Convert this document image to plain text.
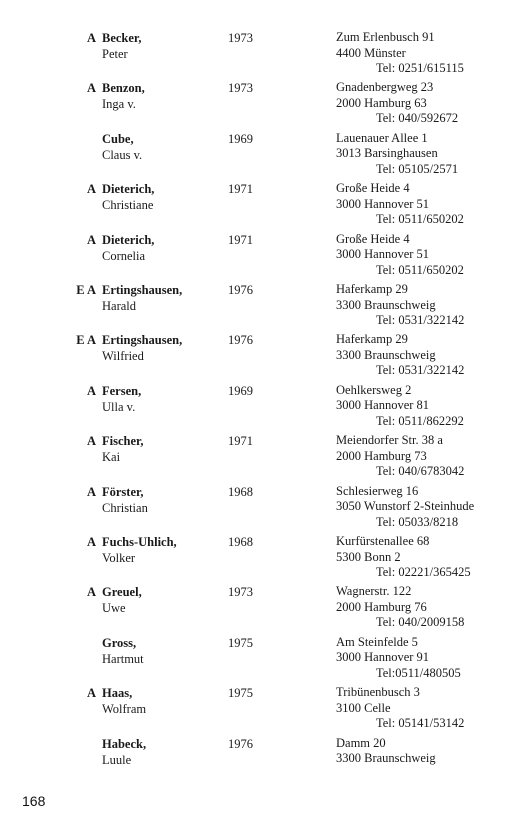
A Becker,
Peter
1973	Zum Erlenbusch 91
4400 Münster
Tel: 0251/615115
A Benzon,
Inga v.
1973	Gnadenbergweg 23
2000 Hamburg 63
Tel: 040/592672
Cube,
Claus v.
1969	Lauenauer Allee 1
3013 Barsinghausen
Tel: 05105/2571
A Dieterich,
Christiane
1971	Große Heide 4
3000 Hannover 51
Tel: 0511/650202
A Dieterich,
Cornelia
1971	Große Heide 4
3000 Hannover 51
Tel: 0511/650202
E A Ertingshausen,
Harald
1976	Haferkamp 29
3300 Braunschweig
Tel: 0531/322142
E A Ertingshausen,
Wilfried
1976	Haferkamp 29
3300 Braunschweig
Tel: 0531/322142
A Fersen,
Ulla v.
1969	Oehlkersweg 2
3000 Hannover 81
Tel: 0511/862292
A Fischer,
Kai
1971	Meiendorfer Str. 38 a
2000 Hamburg 73
Tel: 040/6783042
A Förster,
Christian
1968	Schlesierweg 16
3050 Wunstorf 2-Steinhude
Tel: 05033/8218
A Fuchs-Uhlich,
Volker
1968	Kurfürstenallee 68
5300 Bonn 2
Tel: 02221/365425
A Greuel,
Uwe
1973	Wagnerstr. 122
2000 Hamburg 76
Tel: 040/2009158
Gross,
Hartmut
1975	Am Steinfelde 5
3000 Hannover 91
Tel:0511/480505
A Haas,
Wolfram
1975	Tribünenbusch 3
3100 Celle
Tel: 05141/53142
Habeck,
Luule
1976	Damm 20
3300 Braunschweig
168
